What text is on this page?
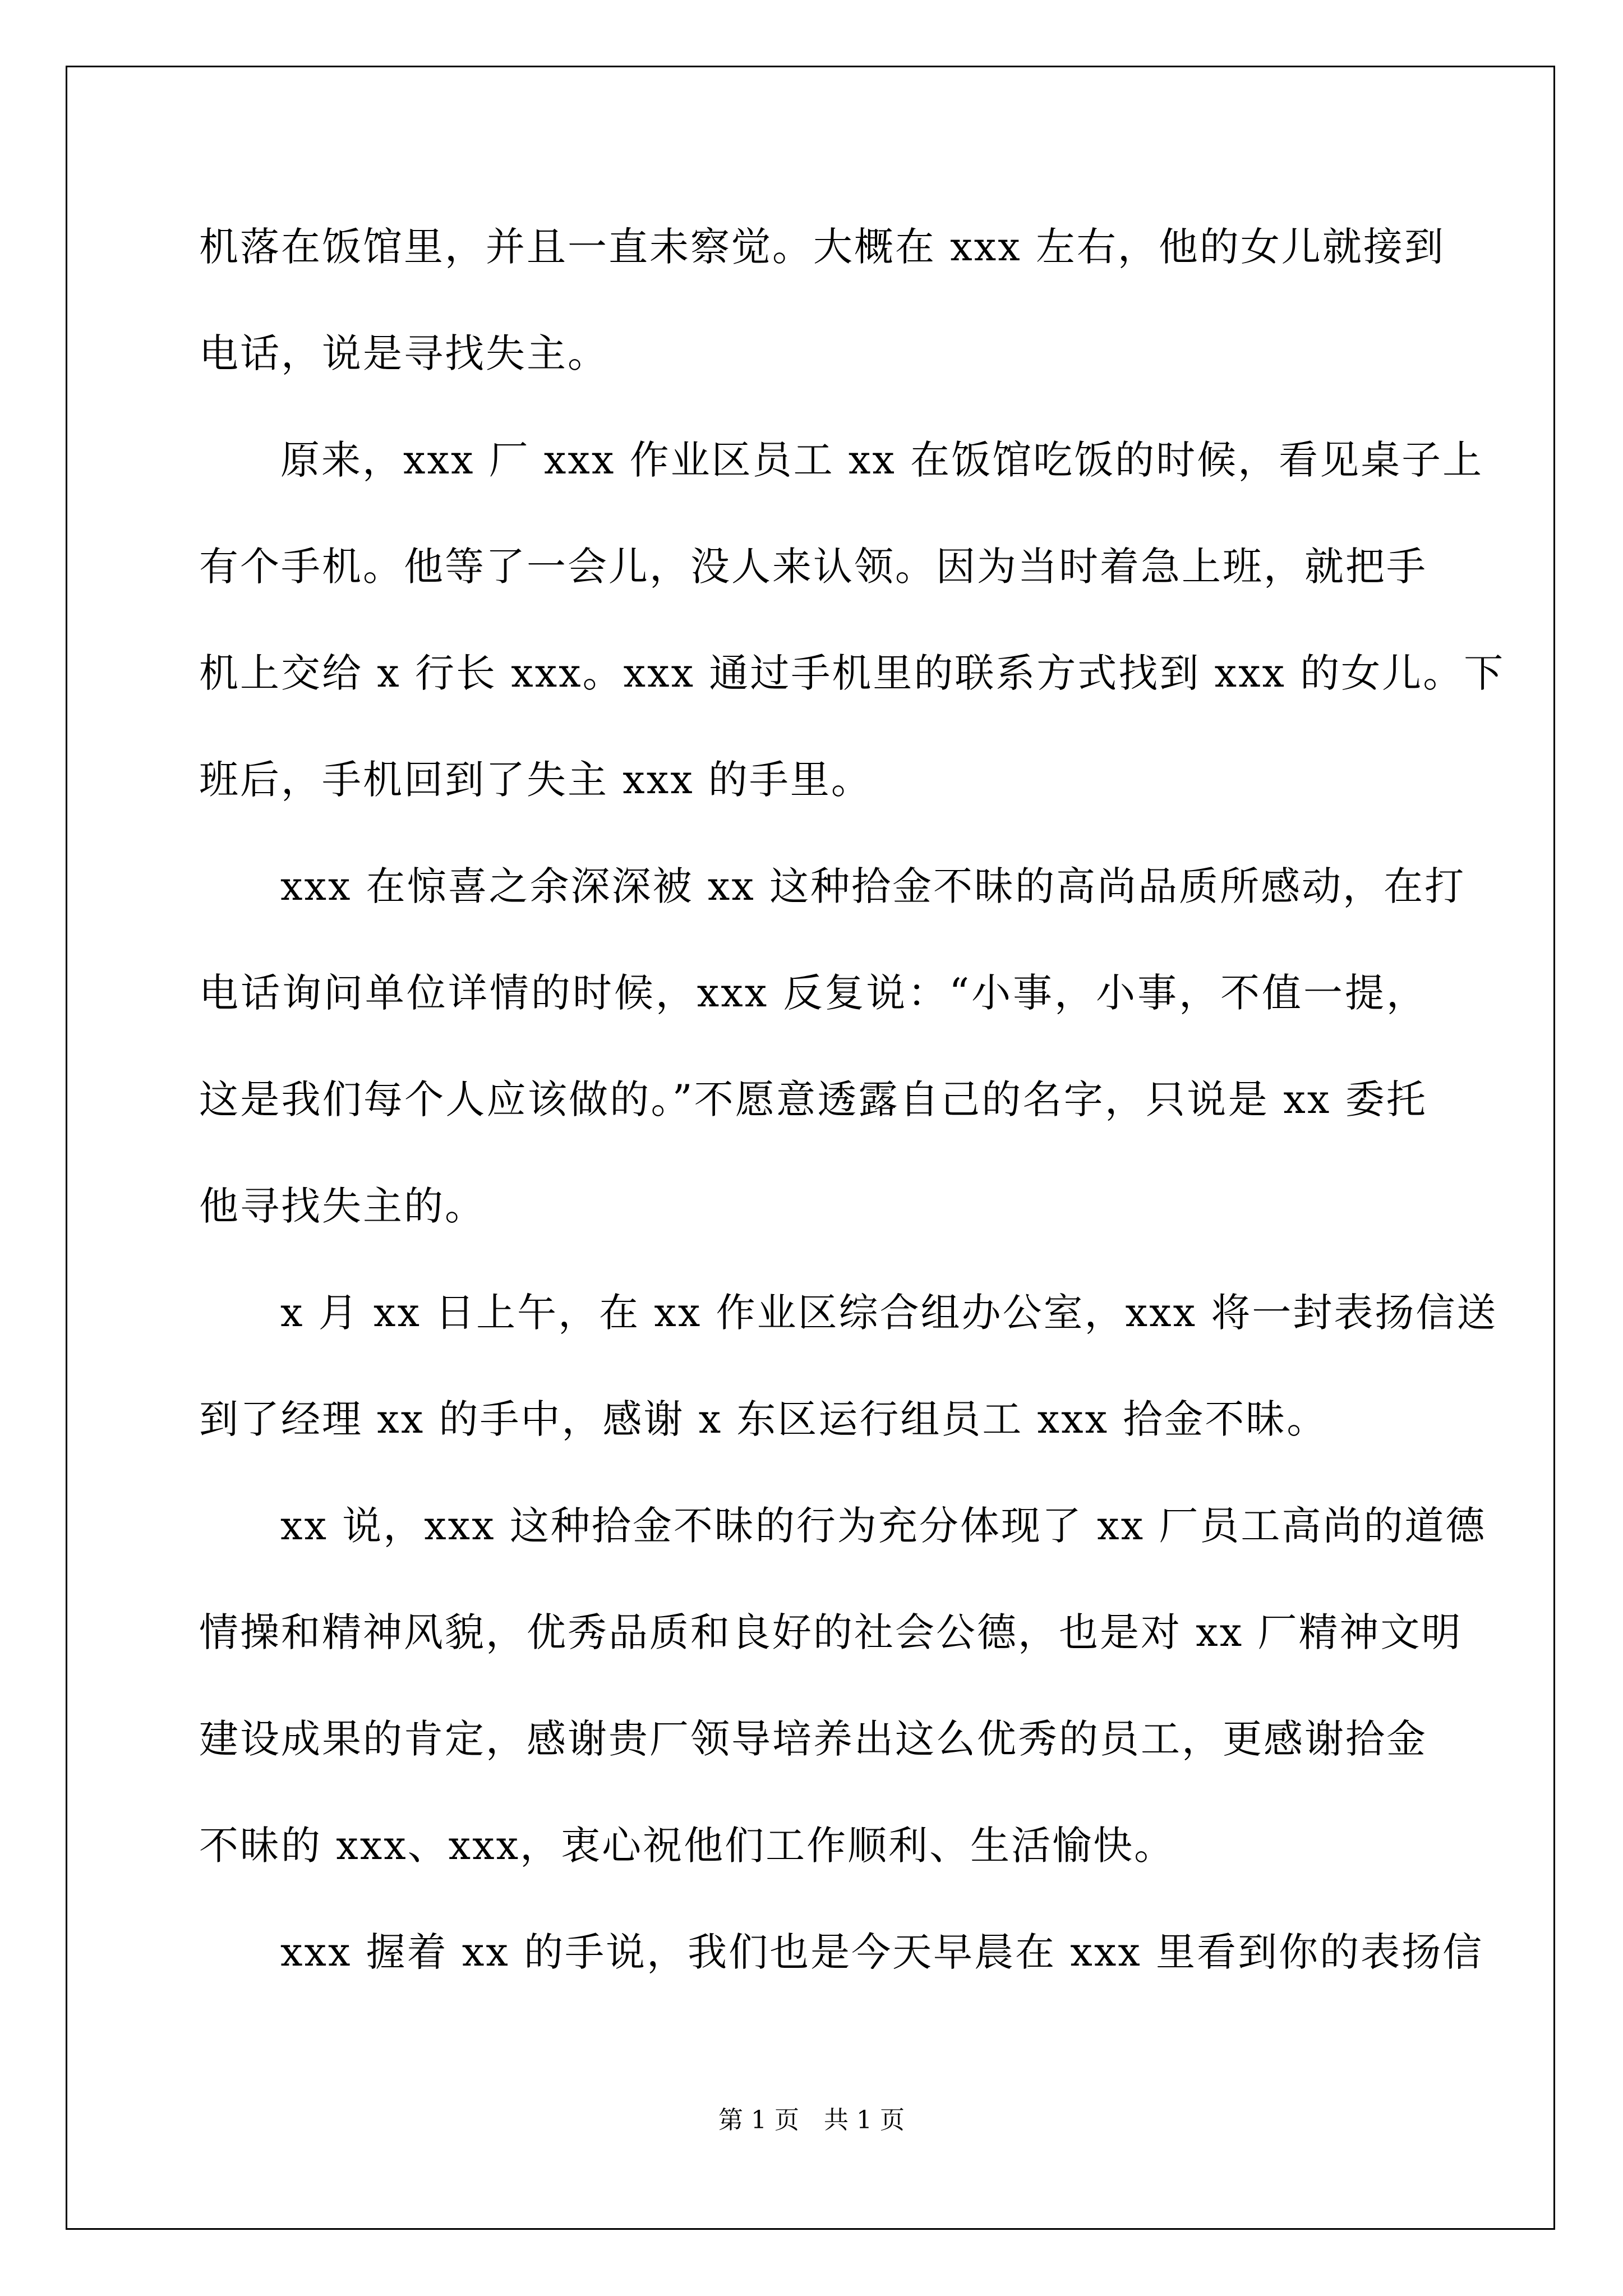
机落在饭馆里，并且一直未察觉。大概在 xxx 左右，他的女儿就接到
电话，说是寻找失主。
原来，xxx 厂 xxx 作业区员工 xx 在饭馆吃饭的时候，看见桌子上
有个手机。他等了一会儿，没人来认领。因为当时着急上班，就把手
机上交给 x 行长 xxx。xxx 通过手机里的联系方式找到 xxx 的女儿。下
班后，手机回到了失主 xxx 的手里。
xxx 在惊喜之余深深被 xx 这种拾金不昧的高尚品质所感动，在打
电话询问单位详情的时候，xxx 反复说：“小事，小事，不值一提，
这是我们每个人应该做的。”不愿意透露自己的名字，只说是 xx 委托
他寻找失主的。
x 月 xx 日上午，在 xx 作业区综合组办公室，xxx 将一封表扬信送
到了经理 xx 的手中，感谢 x 东区运行组员工 xxx 拾金不昧。
xx 说，xxx 这种拾金不昧的行为充分体现了 xx 厂员工高尚的道德
情操和精神风貌，优秀品质和良好的社会公德，也是对 xx 厂精神文明
建设成果的肯定，感谢贵厂领导培养出这么优秀的员工，更感谢拾金
不昧的 xxx、xxx，衷心祝他们工作顺利、生活愉快。
xxx 握着 xx 的手说，我们也是今天早晨在 xxx 里看到你的表扬信
第 1 页　共 1 页
